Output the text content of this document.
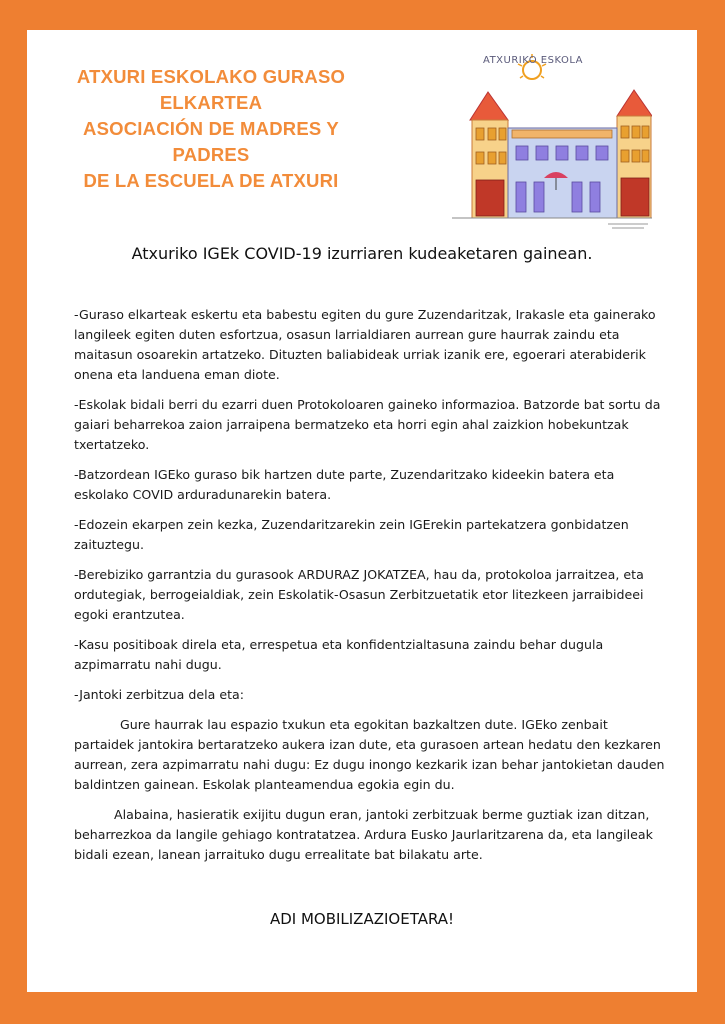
ATXURI ESKOLAKO GURASO
ELKARTEA
ASOCIACIÓN DE MADRES Y
PADRES
DE LA ESCUELA DE ATXURI
ATXURIKO ESKOLA
Atxuriko IGEk COVID-19 izurriaren kudeaketaren gainean.

-Guraso elkarteak eskertu eta babestu egiten du gure Zuzendaritzak, Irakasle eta gainerako langileek egiten duten esfortzua, osasun larrialdiaren aurrean gure haurrak zaindu eta maitasun osoarekin artatzeko. Dituzten baliabideak urriak izanik ere, egoerari aterabiderik onena eta landuena eman diote.

-Eskolak bidali berri du ezarri duen Protokoloaren gaineko informazioa. Batzorde bat sortu da gaiari beharrekoa zaion jarraipena bermatzeko eta horri egin ahal zaizkion hobekuntzak txertatzeko.

-Batzordean IGEko guraso bik hartzen dute parte, Zuzendaritzako kideekin batera eta eskolako COVID arduradunarekin batera.

-Edozein ekarpen zein kezka, Zuzendaritzarekin zein IGErekin partekatzera gonbidatzen zaituztegu.

-Berebiziko garrantzia du gurasook ARDURAZ JOKATZEA, hau da, protokoloa jarraitzea, eta ordutegiak, berrogeialdiak, zein Eskolatik-Osasun Zerbitzuetatik etor litezkeen jarraibideei egoki erantzutea.

-Kasu positiboak direla eta, errespetua eta konfidentzialtasuna zaindu behar dugula azpimarratu nahi dugu.

-Jantoki zerbitzua dela eta:

Gure haurrak lau espazio txukun eta egokitan bazkaltzen dute. IGEko zenbait partaidek jantokira bertaratzeko aukera izan dute, eta gurasoen artean hedatu den kezkaren aurrean, zera azpimarratu nahi dugu: Ez dugu inongo kezkarik izan behar jantokietan dauden baldintzen gainean. Eskolak planteamendua egokia egin du.

Alabaina, hasieratik exijitu dugun eran, jantoki zerbitzuak berme guztiak izan ditzan, beharrezkoa da langile gehiago kontratatzea. Ardura Eusko Jaurlaritzarena da, eta langileak bidali ezean, lanean jarraituko dugu errealitate bat bilakatu arte.

ADI MOBILIZAZIOETARA!
